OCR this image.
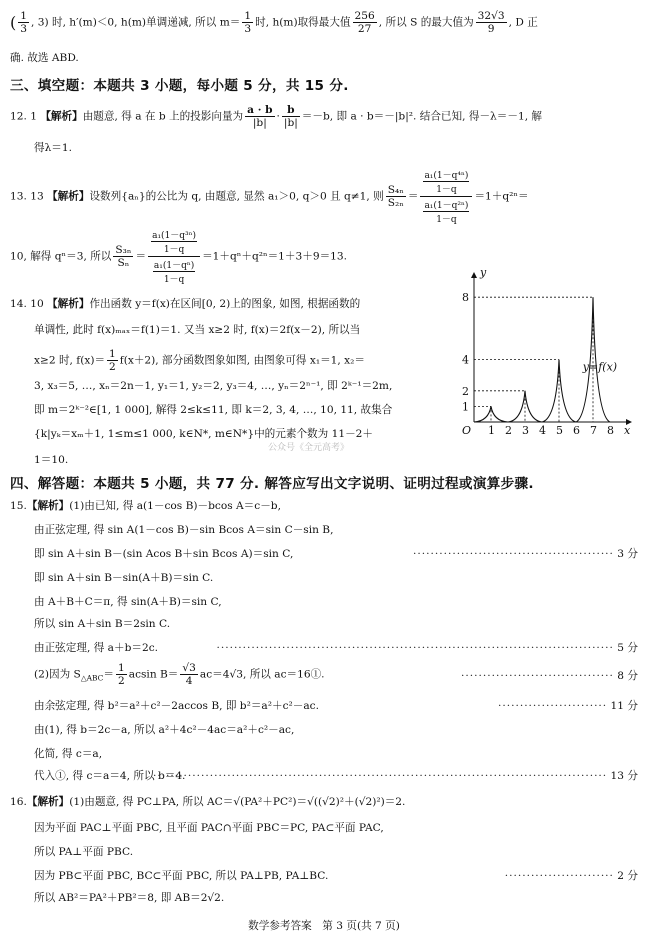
( $\frac{1}{3}$ , 3) 时, h′(m)＜0, h(m)单调递减, 所以 $m= \frac{1}{3}$ 时, h(m)取得最大值 $\frac{256}{27}$ , 所以 S 的最大值为 $\frac{32√3}{9}$ , D 正
确. 故选 ABD.
三、填空题：本题共 3 小题，每小题 5 分，共 15 分.
12. 1 【解析】由题意, 得 a 在 b 上的投影向量为 $\frac{a \cdot b}{|b|} \cdot \frac{b}{|b|} =-b$, 即 a · b＝－|b|². 结合已知, 得－λ＝－1, 解
得λ＝1.
13. 13 【解析】设数列{aₙ}的公比为 q, 由题意, 显然 a₁＞0, q＞0 且 q≠1, 则 $\frac{\text{S₄ₙ}}{\text{S₂ₙ}} = \frac{\frac{\text{a₁(1－q⁴ⁿ)}}{1-q}}{\frac{\text{a₁(1－q²ⁿ)}}{1-q}} =1+q^{2n}=$
10, 解得 qⁿ＝3, 所以 $\frac{\text{S₃ₙ}}{\text{Sₙ}} = \frac{\frac{\text{a₁(1－q³ⁿ)}}{1-q}}{\frac{\text{a₁(1－qⁿ)}}{1-q}} =1+q^n+q^{2n}=1+3+9=13$.
14. 10 【解析】作出函数 y＝f(x)在区间[0, 2)上的图象, 如图, 根据函数的
单调性, 此时 f(x)ₘₐₓ＝f(1)＝1. 又当 x≥2 时, f(x)＝2f(x－2), 所以当
x≥2 时, $f(x)= \frac{1}{2} f(x+2)$, 部分函数图象如图, 由图象可得 x₁＝1, x₂＝
3, x₃＝5, …, xₙ＝2n－1, y₁＝1, y₂＝2, y₃＝4, …, yₙ＝2ⁿ⁻¹, 即 2ᵏ⁻¹＝2m,
即 m＝2ᵏ⁻²∈[1, 1 000], 解得 2≤k≤11, 即 k＝2, 3, 4, …, 10, 11, 故集合
{k|yₖ＝xₘ＋1, 1≤m≤1 000, k∈N*, m∈N*}中的元素个数为 11－2＋
公众号《全元高考》
1＝10.
y
x
O
1
2
4
8
1 2 3 4 5 6 7 8
y=f(x)
四、解答题：本题共 5 小题，共 77 分. 解答应写出文字说明、证明过程或演算步骤.
15.【解析】(1)由已知, 得 a(1－cos B)－bcos A＝c－b,
由正弦定理, 得 sin A(1－cos B)－sin Bcos A＝sin C－sin B,
即 sin A＋sin B－(sin Acos B＋sin Bcos A)＝sin C,	·············································· 3 分
即 sin A＋sin B－sin(A＋B)＝sin C.
由 A＋B＋C＝π, 得 sin(A＋B)＝sin C,
所以 sin A＋sin B＝2sin C.
由正弦定理, 得 a＋b＝2c.	··························································································· 5 分
(2)因为 $S_{\triangle ABC}= \frac{1}{2}$ acsin $B= \frac{√3}{4} ac=4√3$, 所以 ac＝16①.	··································· 8 分
由余弦定理, 得 b²＝a²＋c²－2accos B, 即 b²＝a²＋c²－ac.	························· 11 分
由(1), 得 b＝2c－a, 所以 a²＋4c²－4ac＝a²＋c²－ac,
化简, 得 c＝a,
代入①, 得 c＝a＝4, 所以 b＝4.
········································································································ 13 分
16.【解析】(1)由题意, 得 PC⊥PA, 所以 AC＝√(PA²＋PC²)＝√((√2)²＋(√2)²)＝2.
因为平面 PAC⊥平面 PBC, 且平面 PAC∩平面 PBC＝PC, PA⊂平面 PAC,
所以 PA⊥平面 PBC.
因为 PB⊂平面 PBC, BC⊂平面 PBC, 所以 PA⊥PB, PA⊥BC.	························· 2 分
所以 AB²＝PA²＋PB²＝8, 即 AB＝2√2.
数学参考答案　第 3 页(共 7 页)
